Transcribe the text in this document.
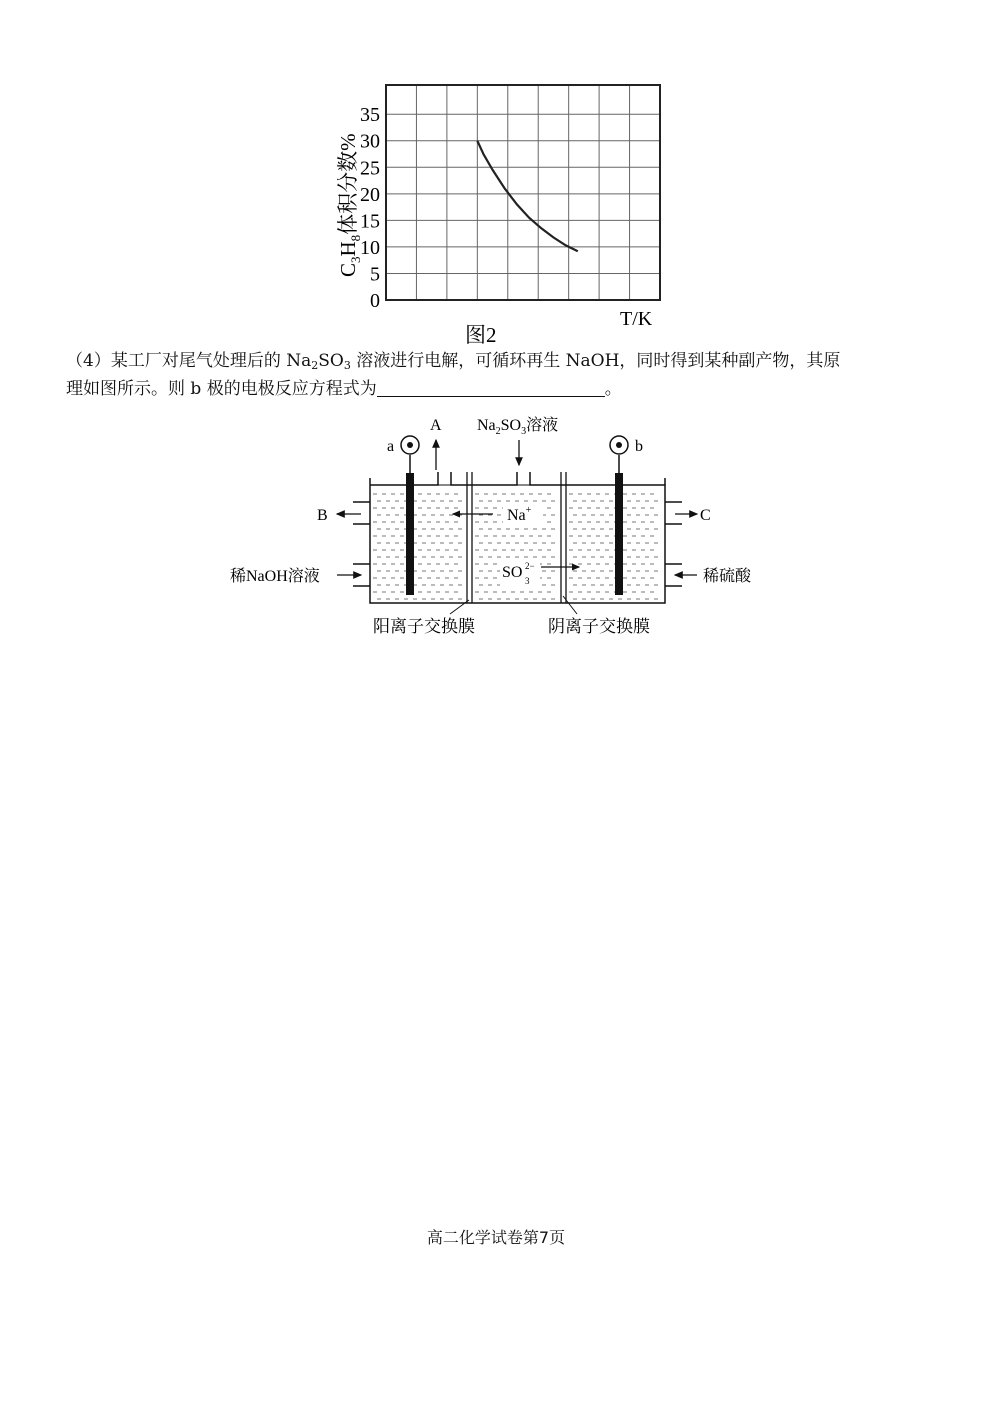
0
5
10
15
20
25
30
35
T/K
图2
$C_3H_8$体积分数%
（4）某工厂对尾气处理后的 $Na_2SO_3$ 溶液进行电解，可循环再生 NaOH，同时得到某种副产物，其原
理如图所示。则 b 极的电极反应方程式为	。
a	b
A $Na_2SO_3$溶液
B	C
稀NaOH溶液	稀硫酸
Na+
SO 3
2−
阳离子交换膜	阴离子交换膜
高二化学试卷第7页
